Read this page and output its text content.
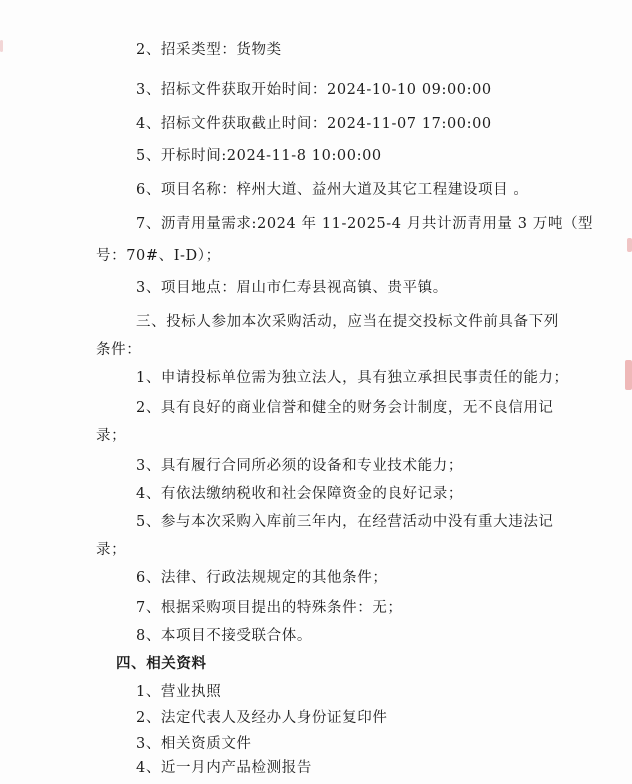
2、招采类型：货物类
3、招标文件获取开始时间：2024-10-10 09:00:00
4、招标文件获取截止时间：2024-11-07 17:00:00
5、开标时间:2024-11-8 10:00:00
6、项目名称：梓州大道、益州大道及其它工程建设项目 。
7、沥青用量需求:2024 年 11-2025-4 月共计沥青用量 3 万吨（型
号：70#、I-D）；
3、项目地点：眉山市仁寿县视高镇、贵平镇。
三、投标人参加本次采购活动，应当在提交投标文件前具备下列
条件：
1、申请投标单位需为独立法人，具有独立承担民事责任的能力；
2、具有良好的商业信誉和健全的财务会计制度，无不良信用记
录；
3、具有履行合同所必须的设备和专业技术能力；
4、有依法缴纳税收和社会保障资金的良好记录；
5、参与本次采购入库前三年内，在经营活动中没有重大违法记
录；
6、法律、行政法规规定的其他条件；
7、根据采购项目提出的特殊条件：无；
8、本项目不接受联合体。
四、相关资料
1、营业执照
2、法定代表人及经办人身份证复印件
3、相关资质文件
4、近一月内产品检测报告
